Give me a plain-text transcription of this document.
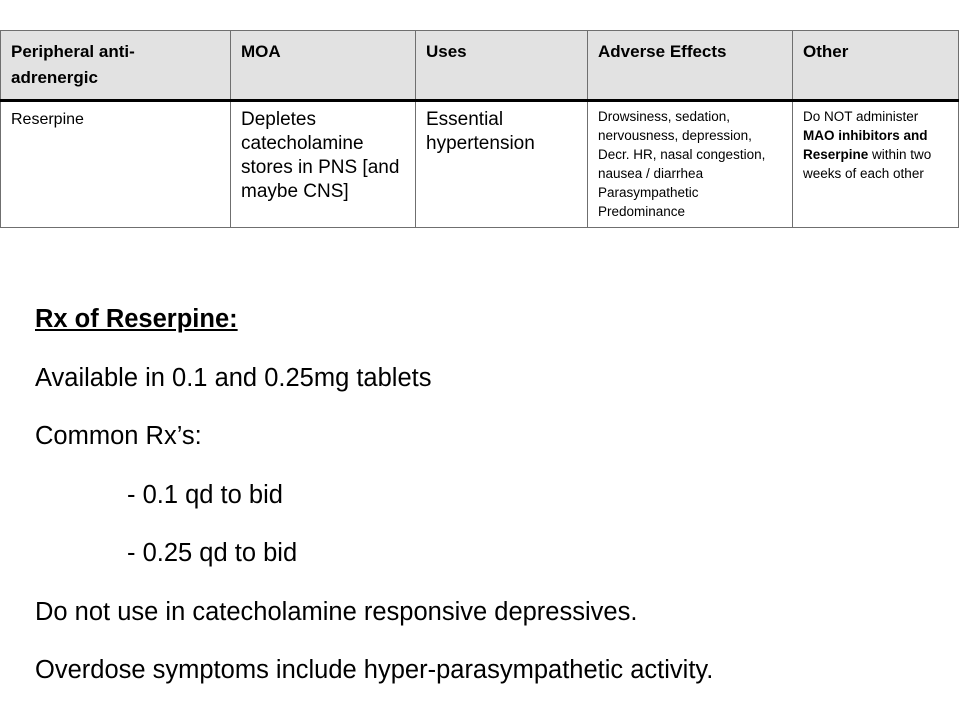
Peripheral anti-adrenergic	MOA	Uses	Adverse Effects	Other
Reserpine	Depletes catecholamine stores in PNS [and maybe CNS]	Essential hypertension	Drowsiness, sedation, nervousness, depression, Decr. HR, nasal congestion, nausea / diarrhea Parasympathetic Predominance	Do NOT administer MAO inhibitors and Reserpine within two weeks of each other
Rx of Reserpine:
Available in 0.1 and 0.25mg tablets
Common Rx’s:
- 0.1 qd to bid
- 0.25 qd to bid
Do not use in catecholamine responsive depressives.
Overdose symptoms include hyper-parasympathetic activity.
